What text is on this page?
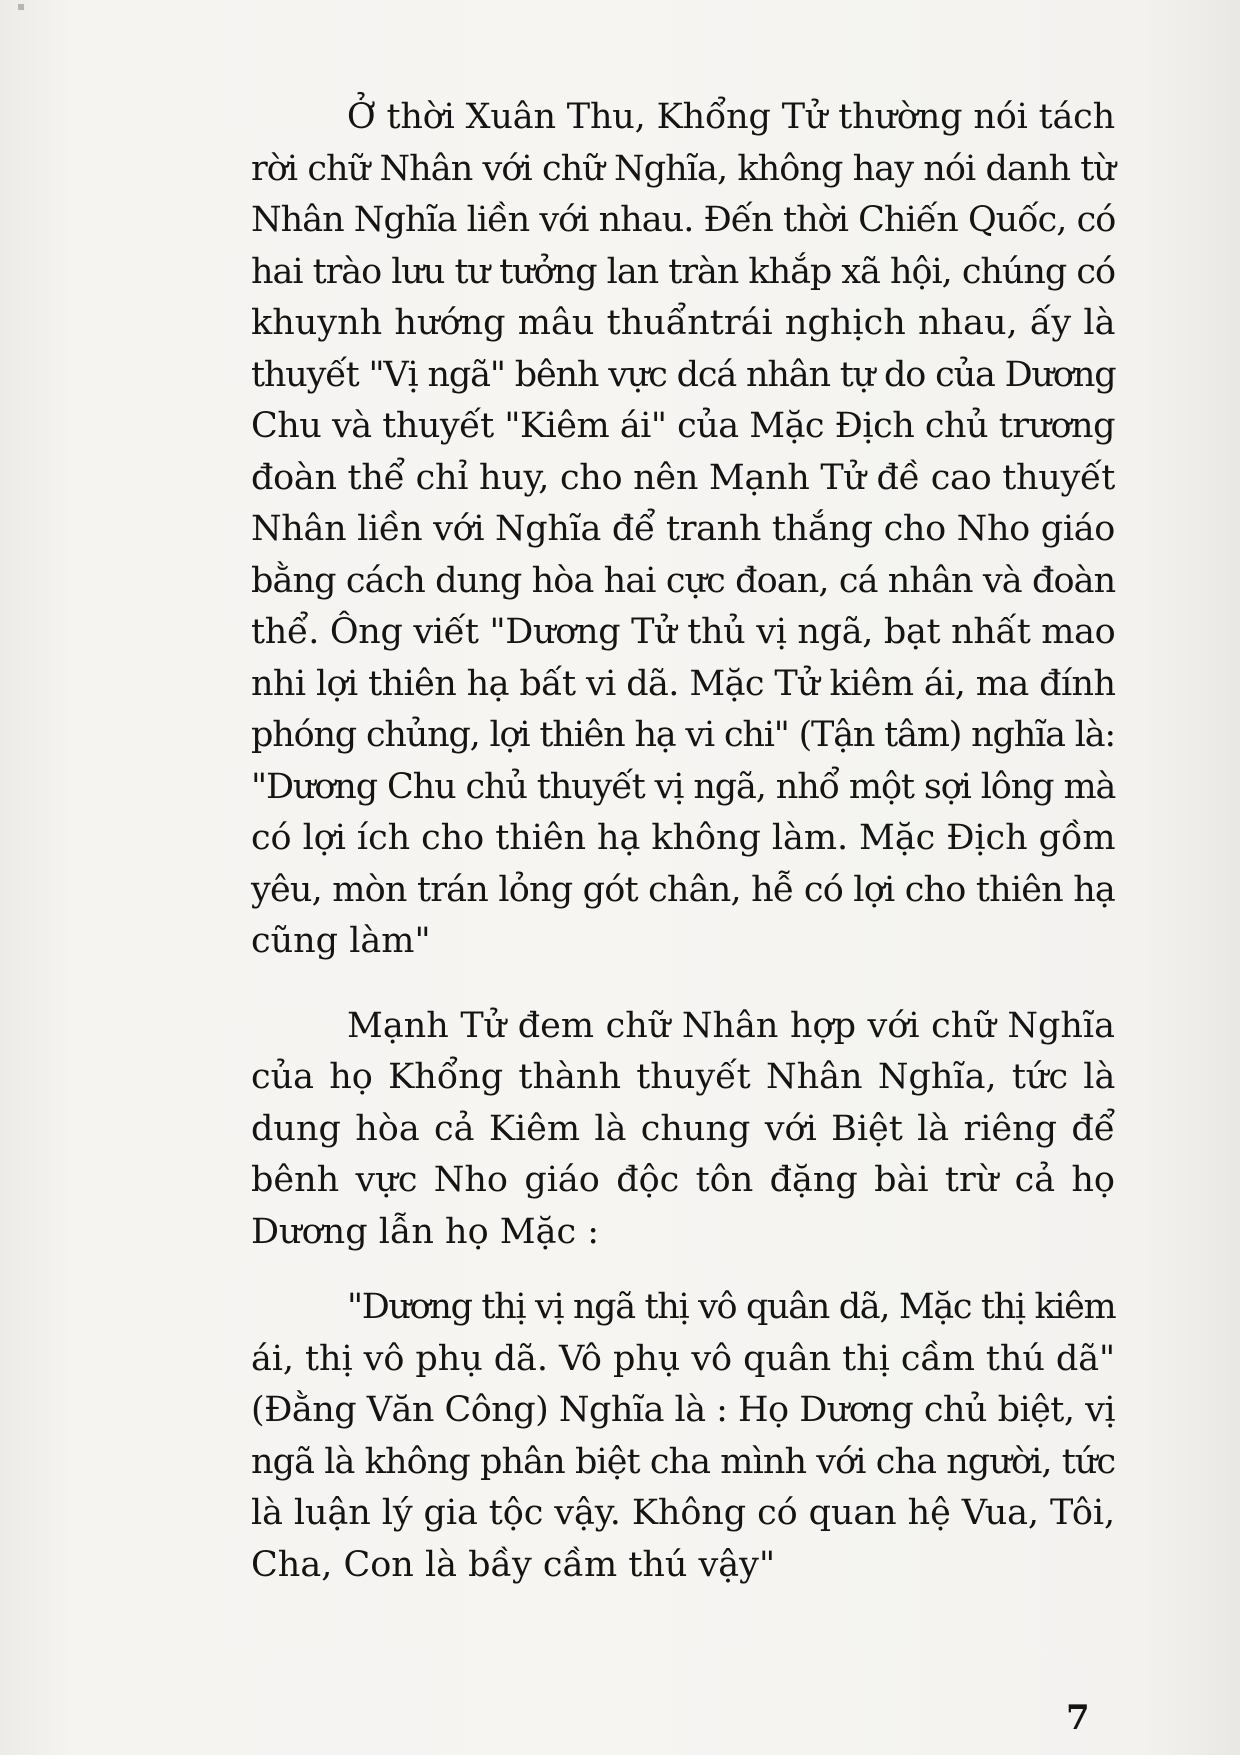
Ở thời Xuân Thu, Khổng Tử thường nói tách
rời chữ Nhân với chữ Nghĩa, không hay nói danh từ
Nhân Nghĩa liền với nhau. Đến thời Chiến Quốc, có
hai trào lưu tư tưởng lan tràn khắp xã hội, chúng có
khuynh hướng mâu thuẩntrái nghịch nhau, ấy là
thuyết "Vị ngã" bênh vực dcá nhân tự do của Dương
Chu và thuyết "Kiêm ái" của Mặc Địch chủ trương
đoàn thể chỉ huy, cho nên Mạnh Tử đề cao thuyết
Nhân liền với Nghĩa để tranh thắng cho Nho giáo
bằng cách dung hòa hai cực đoan, cá nhân và đoàn
thể. Ông viết "Dương Tử thủ vị ngã, bạt nhất mao
nhi lợi thiên hạ bất vi dã. Mặc Tử kiêm ái, ma đính
phóng chủng, lợi thiên hạ vi chi" (Tận tâm) nghĩa là:
"Dương Chu chủ thuyết vị ngã, nhổ một sợi lông mà
có lợi ích cho thiên hạ không làm. Mặc Địch gồm
yêu, mòn trán lỏng gót chân, hễ có lợi cho thiên hạ
cũng làm"
Mạnh Tử đem chữ Nhân hợp với chữ Nghĩa
của họ Khổng thành thuyết Nhân Nghĩa, tức là
dung hòa cả Kiêm là chung với Biệt là riêng để
bênh vực Nho giáo độc tôn đặng bài trừ cả họ
Dương lẫn họ Mặc :
"Dương thị vị ngã thị vô quân dã, Mặc thị kiêm
ái, thị vô phụ dã. Vô phụ vô quân thị cầm thú dã"
(Đằng Văn Công) Nghĩa là : Họ Dương chủ biệt, vị
ngã là không phân biệt cha mình với cha người, tức
là luận lý gia tộc vậy. Không có quan hệ Vua, Tôi,
Cha, Con là bầy cầm thú vậy"
7
